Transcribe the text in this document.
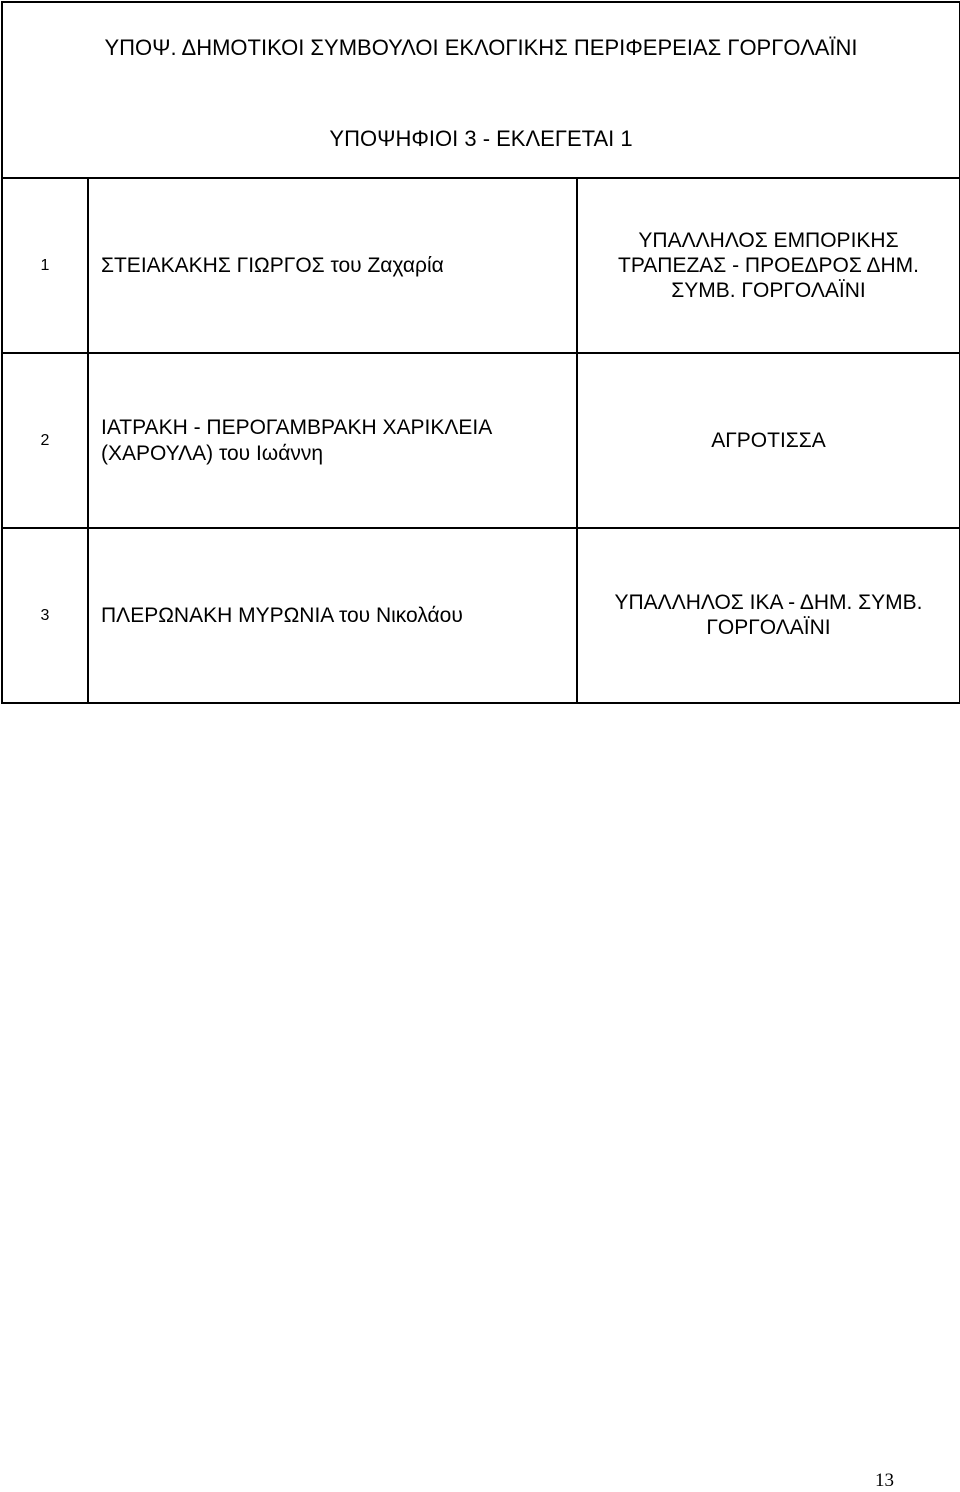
ΥΠΟΨ. ΔΗΜΟΤΙΚΟΙ ΣΥΜΒΟΥΛΟΙ ΕΚΛΟΓΙΚΗΣ ΠΕΡΙΦΕΡΕΙΑΣ ΓΟΡΓΟΛΑΪΝΙ
ΥΠΟΨΗΦΙΟΙ 3 - ΕΚΛΕΓΕΤΑΙ 1
1	ΣΤΕΙΑΚΑΚΗΣ ΓΙΩΡΓΟΣ του Ζαχαρία
ΥΠΑΛΛΗΛΟΣ ΕΜΠΟΡΙΚΗΣ
ΤΡΑΠΕΖΑΣ - ΠΡΟΕΔΡΟΣ ΔΗΜ.
ΣΥΜΒ. ΓΟΡΓΟΛΑΪΝΙ
2
ΙΑΤΡΑΚΗ - ΠΕΡΟΓΑΜΒΡΑΚΗ ΧΑΡΙΚΛΕΙΑ
(ΧΑΡΟΥΛΑ) του Ιωάννη
ΑΓΡΟΤΙΣΣΑ
3	ΠΛΕΡΩΝΑΚΗ ΜΥΡΩΝΙΑ του Νικολάου
ΥΠΑΛΛΗΛΟΣ ΙΚΑ - ΔΗΜ. ΣΥΜΒ.
ΓΟΡΓΟΛΑΪΝΙ
13
